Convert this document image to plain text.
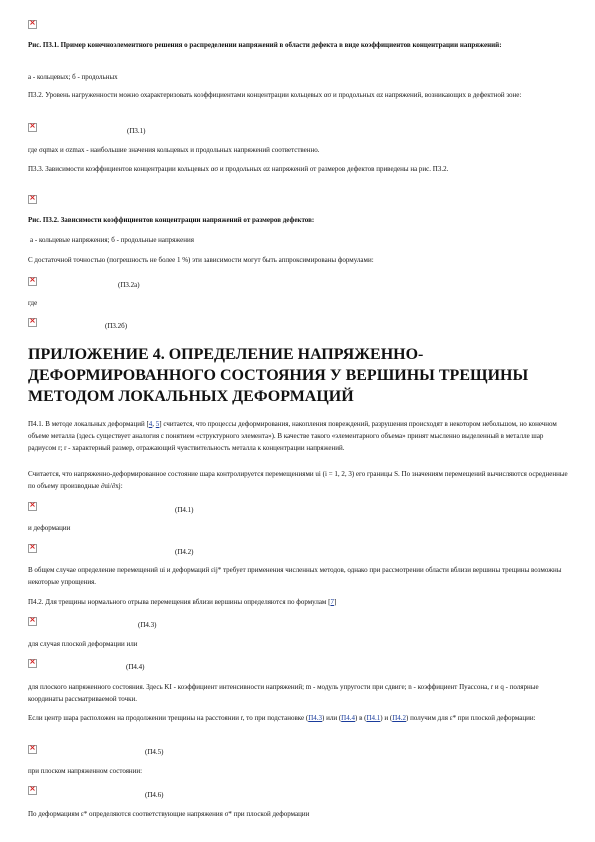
×

Рис. П3.1. Пример конечноэлементного решения о распределении напряжений в области дефекта в виде коэффициентов концентрации напряжений:

а - кольцевых; б - продольных

П3.2. Уровень нагруженности можно охарактеризовать коэффициентами концентрации кольцевых ασ и продольных αz напряжений, возникающих в дефектной зоне:

×
(П3.1)

где σqmax и σzmax - наибольшие значения кольцевых и продольных напряжений соответственно.

П3.3. Зависимости коэффициентов концентрации кольцевых ασ и продольных αz напряжений от размеров дефектов приведены на рис. П3.2.

×

Рис. П3.2. Зависимости коэффициентов концентрации напряжений от размеров дефектов:

а - кольцевые напряжения; б - продольные напряжения

С достаточной точностью (погрешность не более 1 %) эти зависимости могут быть аппроксимированы формулами:

×
(П3.2а)

где

×
(П3.2б)
ПРИЛОЖЕНИЕ 4. ОПРЕДЕЛЕНИЕ НАПРЯЖЕННО-ДЕФОРМИРОВАННОГО СОСТОЯНИЯ У ВЕРШИНЫ ТРЕЩИНЫ МЕТОДОМ ЛОКАЛЬНЫХ ДЕФОРМАЦИЙ

П4.1. В методе локальных деформаций [4, 5] считается, что процессы деформирования, накопления повреждений, разрушения происходят в некотором небольшом, но конечном объеме металла (здесь существует аналогия с понятием «структурного элемента»). В качестве такого «элементарного объема» принят мысленно выделенный в металле шар радиусом r; r - характерный размер, отражающий чувствительность металла к концентрации напряжений.

Считается, что напряженно-деформированное состояние шара контролируется перемещениями ui (i = 1, 2, 3) его границы S. По значениям перемещений вычисляются осредненные по объему производные ∂ui/∂xj:

×
(П4.1)

и деформации

×
(П4.2)

В общем случае определение перемещений ui и деформаций εij* требует применения численных методов, однако при рассмотрении области вблизи вершины трещины возможны некоторые упрощения.

П4.2. Для трещины нормального отрыва перемещения вблизи вершины определяются по формулам [7]

×
(П4.3)

для случая плоской деформации или

×
(П4.4)

для плоского напряженного состояния. Здесь KI - коэффициент интенсивности напряжений; m - модуль упругости при сдвиге; n - коэффициент Пуассона, r и q - полярные координаты рассматриваемой точки.

Если центр шара расположен на продолжении трещины на расстоянии r, то при подстановке (П4.3) или (П4.4) в (П4.1) и (П4.2) получим для ε* при плоской деформации:

×
(П4.5)

при плоском напряженном состоянии:

×
(П4.6)

По деформациям ε* определяются соответствующие напряжения σ* при плоской деформации
